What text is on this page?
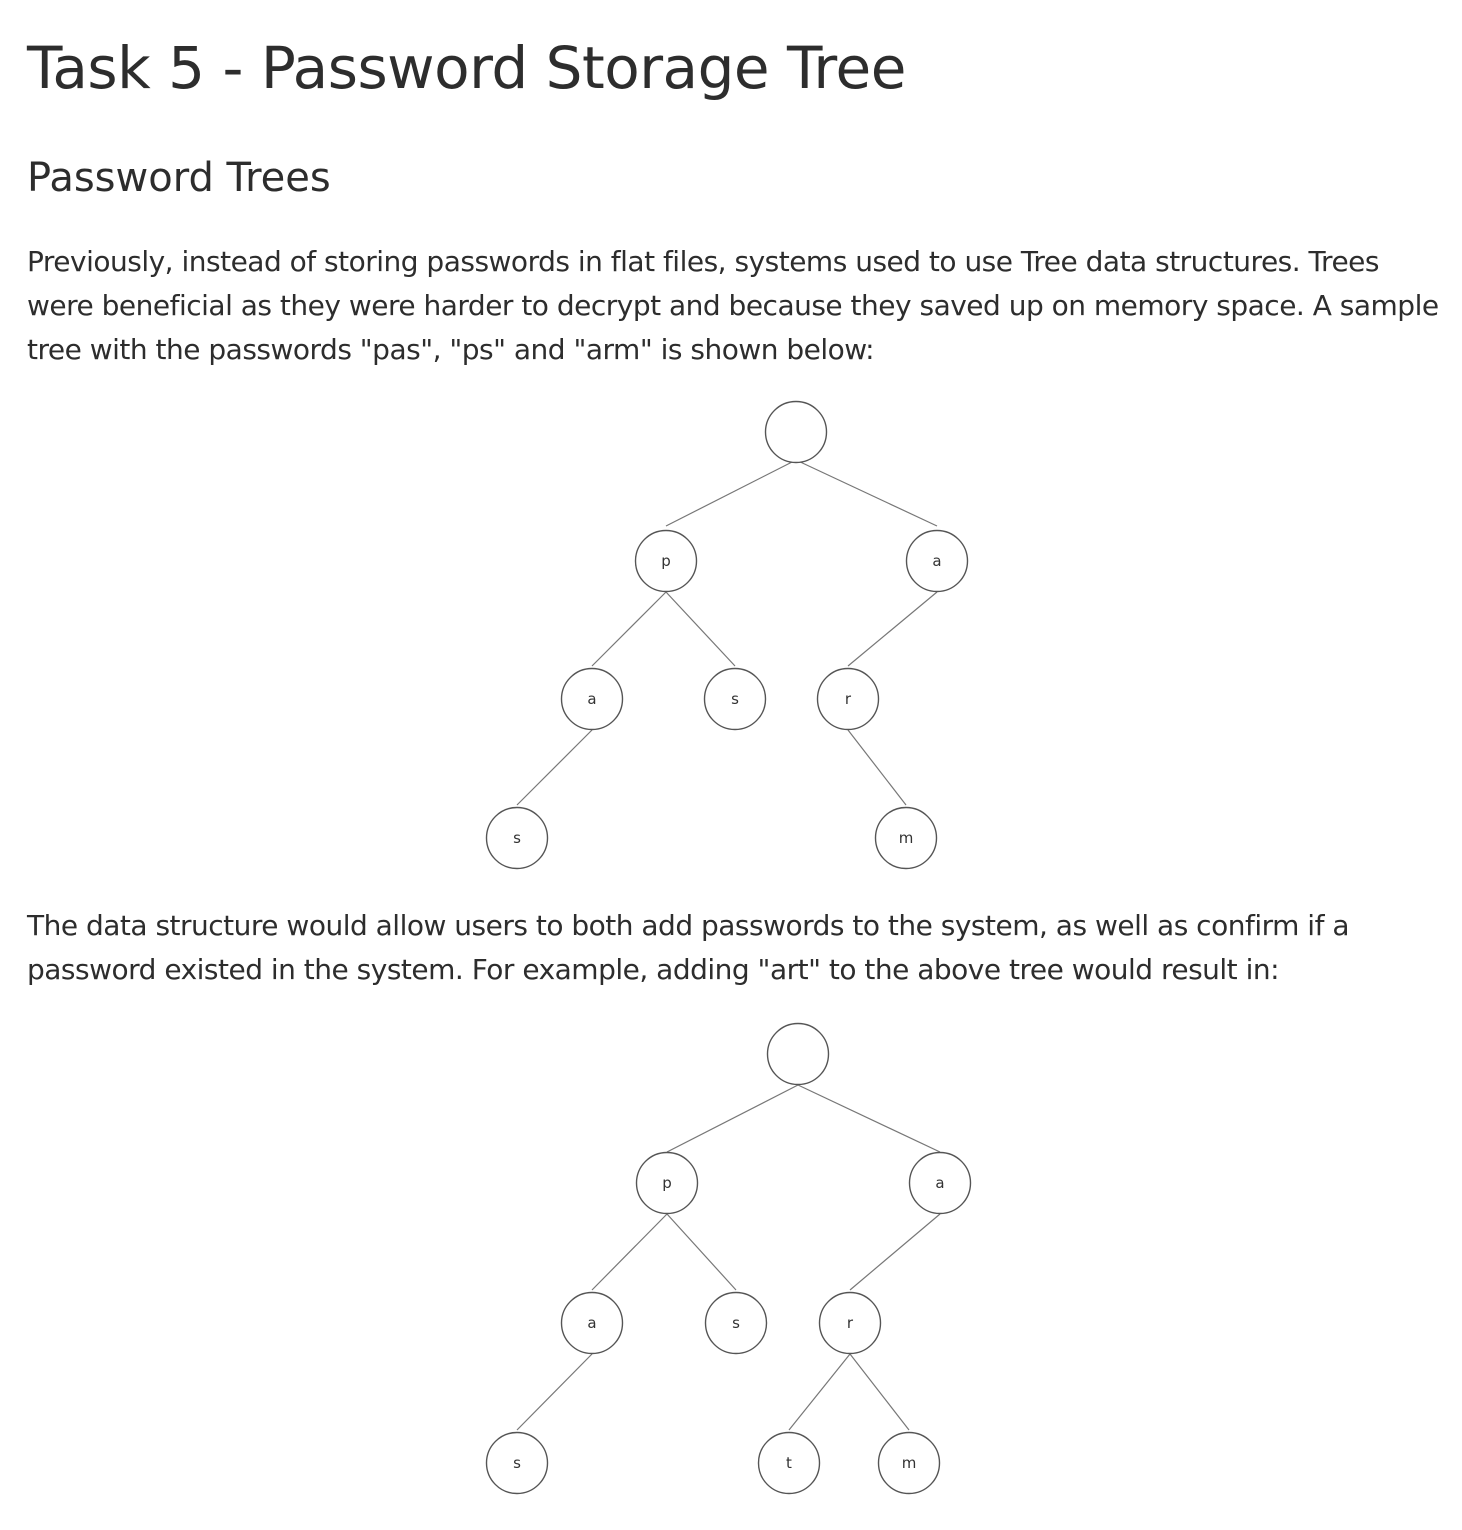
Task 5 - Password Storage Tree
Password Trees

Previously, instead of storing passwords in flat files, systems used to use Tree data structures. Trees were beneficial as they were harder to decrypt and because they saved up on memory space. A sample tree with the passwords "pas", "ps" and "arm" is shown below:

p
a
a
s	r
s	m

The data structure would allow users to both add passwords to the system, as well as confirm if a password existed in the system. For example, adding "art" to the above tree would result in:

p
a
a
s	r
s	t	m
